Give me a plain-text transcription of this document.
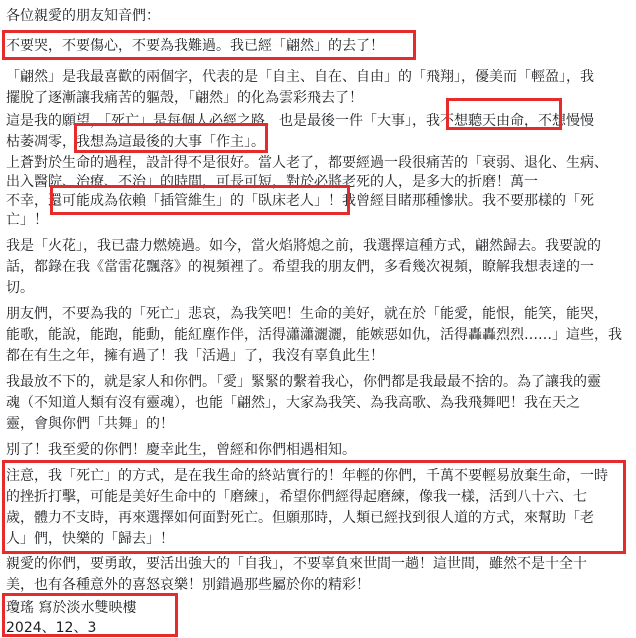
各位親愛的朋友知音們：
不要哭，不要傷心，不要為我難過。我已經「翩然」的去了！
「翩然」是我最喜歡的兩個字，代表的是「自主、自在、自由」的「飛翔」，優美而「輕盈」，我
擺脫了逐漸讓我痛苦的軀殼，「翩然」的化為雲彩飛去了！
這是我的願望，「死亡」是每個人必經之路，也是最後一件「大事」，我不想聽天由命，不想慢慢
枯萎凋零，我想為這最後的大事「作主」。
上蒼對於生命的過程，設計得不是很好。當人老了，都要經過一段很痛苦的「衰弱、退化、生病、
出入醫院、治療、不治」的時間，可長可短，對於必將老死的人，是多大的折磨！萬一
不幸，還可能成為依賴「插管維生」的「臥床老人」！我曾經目睹那種慘狀。我不要那樣的「死
亡」！
我是「火花」，我已盡力燃燒過。如今，當火焰將熄之前，我選擇這種方式，翩然歸去。我要說的
話，都錄在我《當雷花飄落》的視頻裡了。希望我的朋友們，多看幾次視頻，瞭解我想表達的一
切。
朋友們，不要為我的「死亡」悲哀，為我笑吧！生命的美好，就在於「能愛，能恨，能笑，能哭，
能歌，能說，能跑，能動，能紅塵作伴，活得瀟瀟灑灑，能嫉惡如仇，活得轟轟烈烈……」這些，我
都在有生之年，擁有過了！我「活過」了，我沒有辜負此生！
我最放不下的，就是家人和你們。「愛」緊緊的繫着我心，你們都是我最最不捨的。為了讓我的靈
魂（不知道人類有沒有靈魂），也能「翩然」，大家為我笑、為我高歌、為我飛舞吧！我在天之
靈，會與你們「共舞」的！
別了！我至愛的你們！慶幸此生，曾經和你們相遇相知。
注意，我「死亡」的方式，是在我生命的終站實行的！年輕的你們，千萬不要輕易放棄生命，一時
的挫折打擊，可能是美好生命中的「磨練」，希望你們經得起磨練，像我一樣，活到八十六、七
歲，體力不支時，再來選擇如何面對死亡。但願那時，人類已經找到很人道的方式，來幫助「老
人」們，快樂的「歸去」！
親愛的你們，要勇敢，要活出強大的「自我」，不要辜負來世間一趟！這世間，雖然不是十全十
美，也有各種意外的喜怒哀樂！別錯過那些屬於你的精彩！
瓊瑤 寫於淡水雙映樓
2024、12、3
